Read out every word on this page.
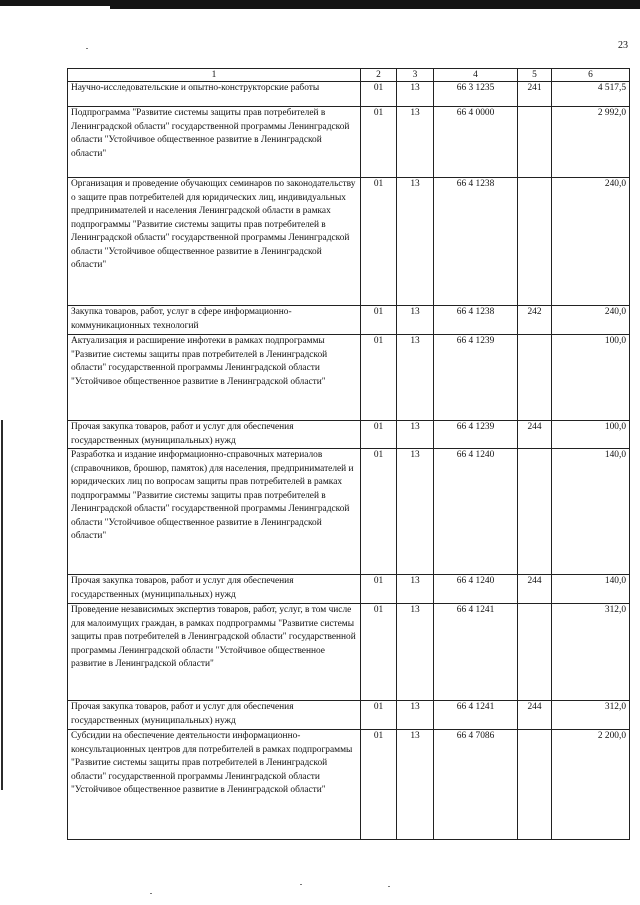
23
1	2	3	4	5	6
Научно-исследовательские и опытно-конструкторские работы	01	13	66 3 1235	241	4 517,5
Подпрограмма "Развитие системы защиты прав потребителей в Ленинградской области" государственной программы Ленинградской области "Устойчивое общественное развитие в Ленинградской области"	01	13	66 4 0000		2 992,0
Организация и проведение обучающих семинаров по законодательству о защите прав потребителей для юридических лиц, индивидуальных предпринимателей и населения Ленинградской области в рамках подпрограммы "Развитие системы защиты прав потребителей в Ленинградской области" государственной программы Ленинградской области "Устойчивое общественное развитие в Ленинградской области"	01	13	66 4 1238		240,0
Закупка товаров, работ, услуг в сфере информационно-коммуникационных технологий	01	13	66 4 1238	242	240,0
Актуализация и расширение инфотеки в рамках подпрограммы "Развитие системы защиты прав потребителей в Ленинградской области" государственной программы Ленинградской области "Устойчивое общественное развитие в Ленинградской области"	01	13	66 4 1239		100,0
Прочая закупка товаров, работ и услуг для обеспечения государственных (муниципальных) нужд	01	13	66 4 1239	244	100,0
Разработка и издание информационно-справочных материалов (справочников, брошюр, памяток) для населения, предпринимателей и юридических лиц по вопросам защиты прав потребителей в рамках подпрограммы "Развитие системы защиты прав потребителей в Ленинградской области" государственной программы Ленинградской области "Устойчивое общественное развитие в Ленинградской области"	01	13	66 4 1240		140,0
Прочая закупка товаров, работ и услуг для обеспечения государственных (муниципальных) нужд	01	13	66 4 1240	244	140,0
Проведение независимых экспертиз товаров, работ, услуг, в том числе для малоимущих граждан, в рамках подпрограммы "Развитие системы защиты прав потребителей в Ленинградской области" государственной программы Ленинградской области "Устойчивое общественное развитие в Ленинградской области"	01	13	66 4 1241		312,0
Прочая закупка товаров, работ и услуг для обеспечения государственных (муниципальных) нужд	01	13	66 4 1241	244	312,0
Субсидии на обеспечение деятельности информационно-консультационных центров для потребителей в рамках подпрограммы "Развитие системы защиты прав потребителей в Ленинградской области" государственной программы Ленинградской области "Устойчивое общественное развитие в Ленинградской области"	01	13	66 4 7086		2 200,0
